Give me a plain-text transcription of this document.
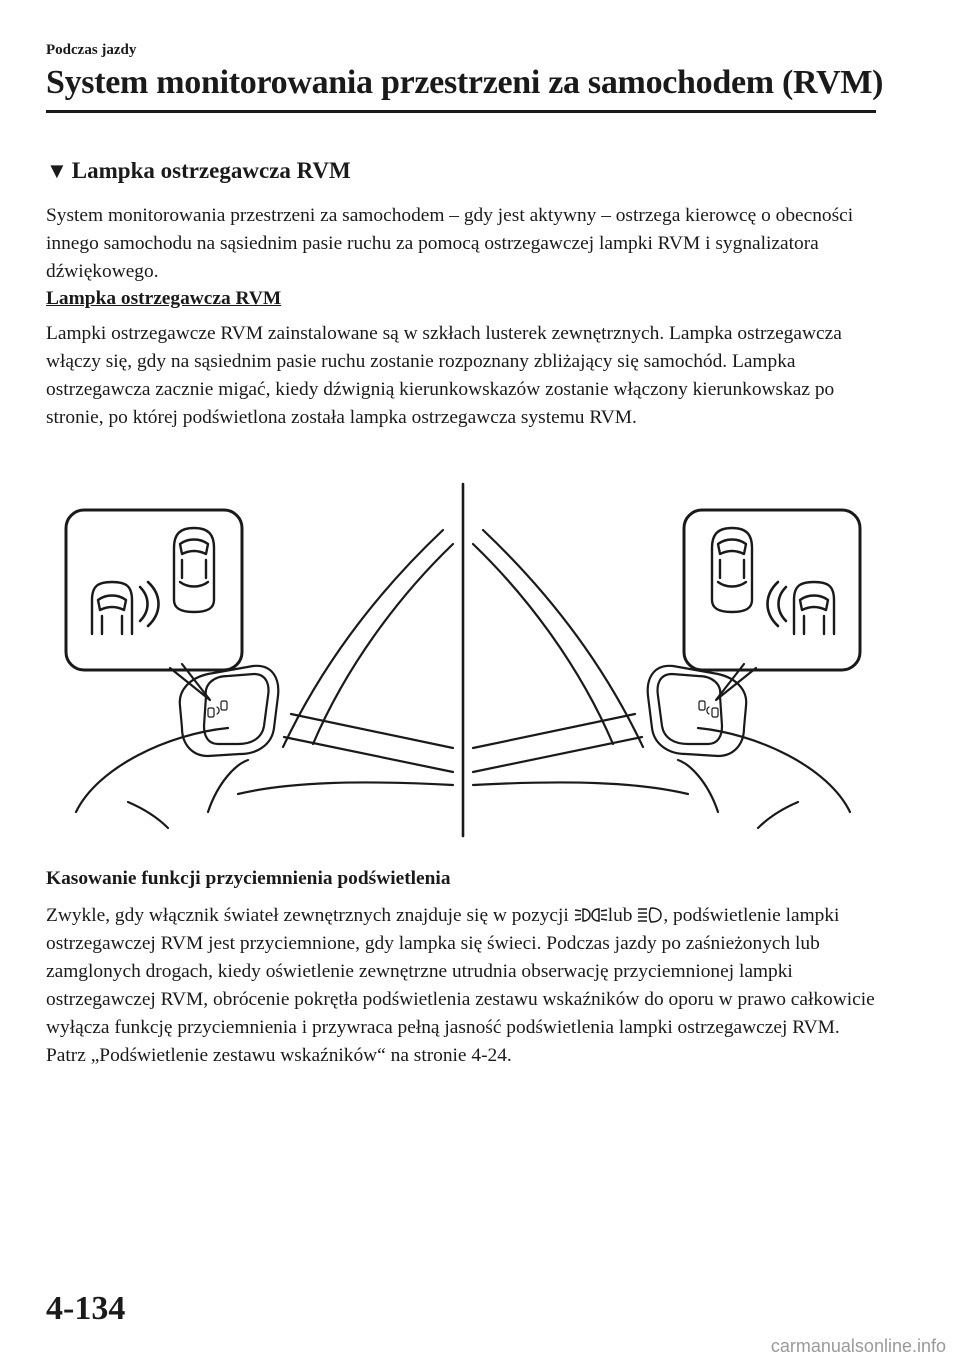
Podczas jazdy
System monitorowania przestrzeni za samochodem (RVM)
▼ Lampka ostrzegawcza RVM
System monitorowania przestrzeni za samochodem – gdy jest aktywny – ostrzega kierowcę o obecności innego samochodu na sąsiednim pasie ruchu za pomocą ostrzegawczej lampki RVM i sygnalizatora dźwiękowego.
Lampka ostrzegawcza RVM
Lampki ostrzegawcze RVM zainstalowane są w szkłach lusterek zewnętrznych. Lampka ostrzegawcza włączy się, gdy na sąsiednim pasie ruchu zostanie rozpoznany zbliżający się samochód. Lampka ostrzegawcza zacznie migać, kiedy dźwignią kierunkowskazów zostanie włączony kierunkowskaz po stronie, po której podświetlona została lampka ostrzegawcza systemu RVM.
Kasowanie funkcji przyciemnienia podświetlenia
Zwykle, gdy włącznik świateł zewnętrznych znajduje się w pozycji lub , podświetlenie lampki ostrzegawczej RVM jest przyciemnione, gdy lampka się świeci. Podczas jazdy po zaśnieżonych lub zamglonych drogach, kiedy oświetlenie zewnętrzne utrudnia obserwację przyciemnionej lampki ostrzegawczej RVM, obrócenie pokrętła podświetlenia zestawu wskaźników do oporu w prawo całkowicie wyłącza funkcję przyciemnienia i przywraca pełną jasność podświetlenia lampki ostrzegawczej RVM. Patrz „Podświetlenie zestawu wskaźników“ na stronie 4-24.
4-134
carmanualsonline.info
